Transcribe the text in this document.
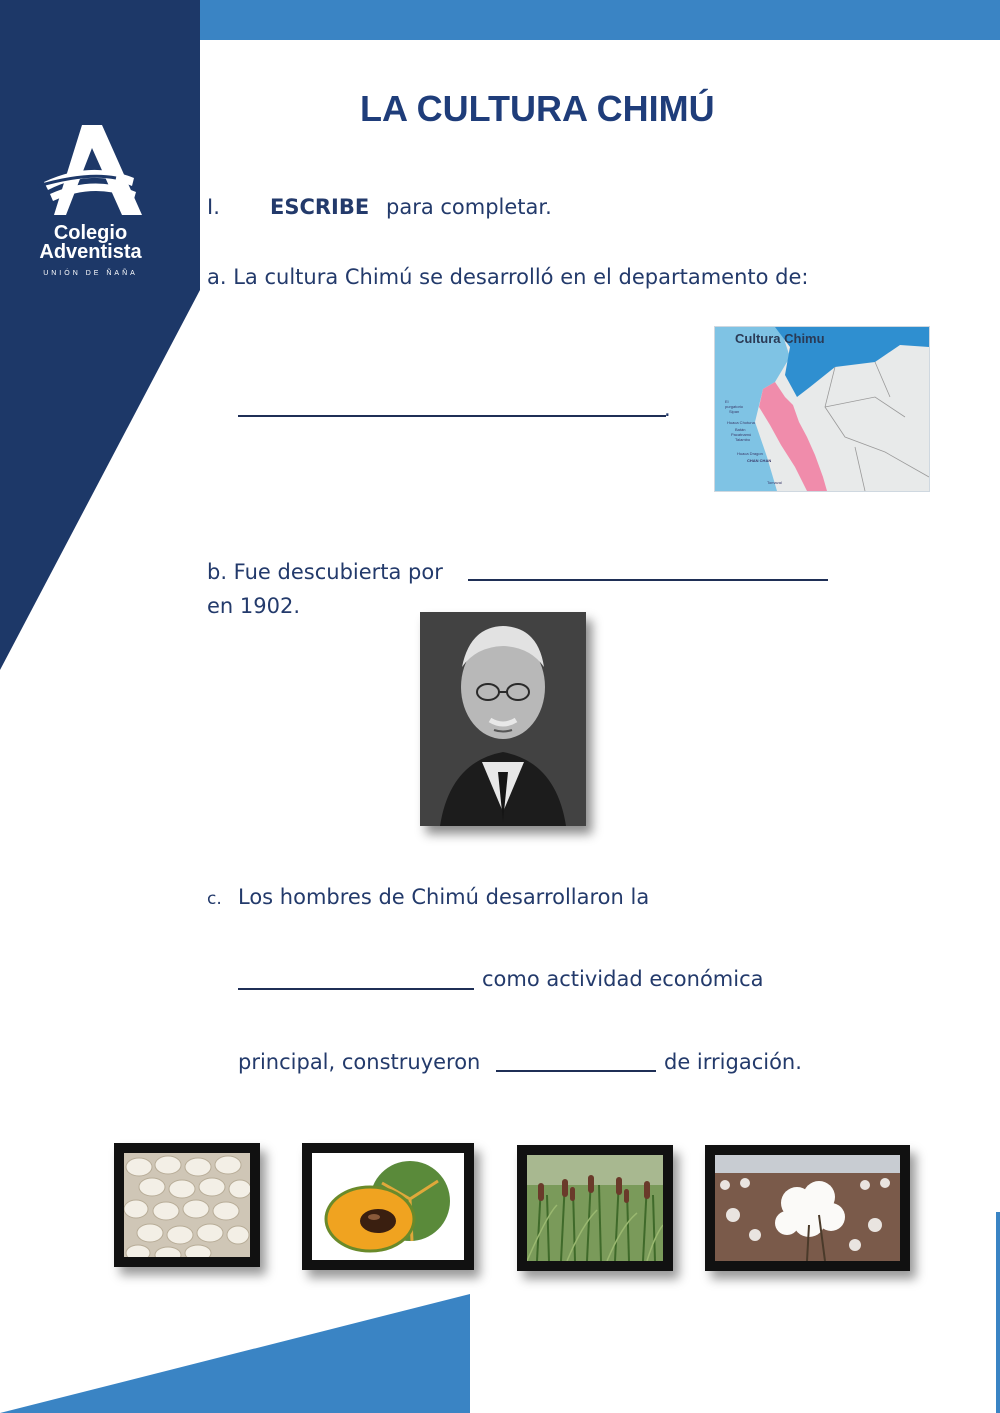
Colegio
Adventista
UNIÓN DE ÑAÑA
LA CULTURA CHIMÚ
I. ESCRIBE para completar.
a. La cultura Chimú se desarrolló en el departamento de:
.
Cultura Chimu
El
purgatorio
Sipan
Huaca Chotuna
Batán
Pacatnamú
Talambo
Huaca Dragon
CHAN CHAN
Tomaval
b. Fue descubierta por
en 1902.
c. Los hombres de Chimú desarrollaron la
como actividad económica
principal, construyeron	de irrigación.
